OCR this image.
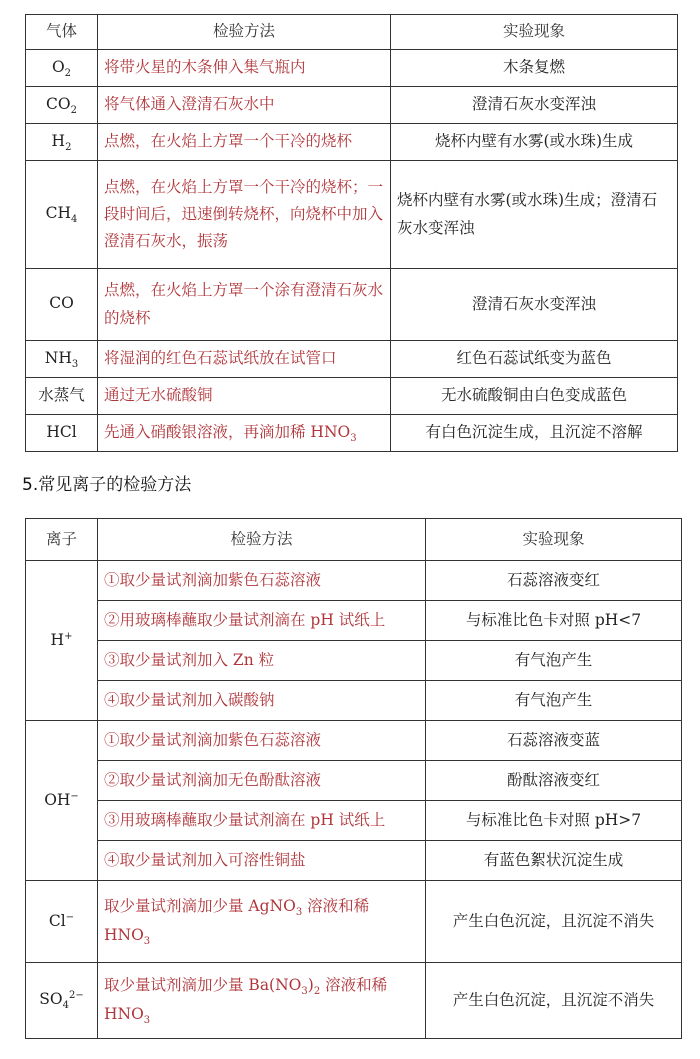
气体	检验方法	实验现象
$O_2$	将带火星的木条伸入集气瓶内	木条复燃
$CO_2$	将气体通入澄清石灰水中	澄清石灰水变浑浊
$H_2$	点燃，在火焰上方罩一个干冷的烧杯	烧杯内壁有水雾(或水珠)生成
$CH_4$	点燃，在火焰上方罩一个干冷的烧杯；一段时间后，迅速倒转烧杯，向烧杯中加入澄清石灰水，振荡	烧杯内壁有水雾(或水珠)生成；澄清石灰水变浑浊
CO	点燃，在火焰上方罩一个涂有澄清石灰水的烧杯	澄清石灰水变浑浊
$NH_3$	将湿润的红色石蕊试纸放在试管口	红色石蕊试纸变为蓝色
水蒸气	通过无水硫酸铜	无水硫酸铜由白色变成蓝色
HCl	先通入硝酸银溶液，再滴加稀 $HNO_3$	有白色沉淀生成，且沉淀不溶解
5.常见离子的检验方法
离子	检验方法	实验现象
H+	①取少量试剂滴加紫色石蕊溶液	石蕊溶液变红
	②用玻璃棒蘸取少量试剂滴在 pH 试纸上	与标准比色卡对照 pH<7
	③取少量试剂加入 Zn 粒	有气泡产生
	④取少量试剂加入碳酸钠	有气泡产生
OH−	①取少量试剂滴加紫色石蕊溶液	石蕊溶液变蓝
	②取少量试剂滴加无色酚酞溶液	酚酞溶液变红
	③用玻璃棒蘸取少量试剂滴在 pH 试纸上	与标准比色卡对照 pH>7
	④取少量试剂加入可溶性铜盐	有蓝色絮状沉淀生成
Cl−	取少量试剂滴加少量 AgNO$_3$ 溶液和稀 $HNO_3$	产生白色沉淀，且沉淀不消失
$SO_4^{2-}$	取少量试剂滴加少量 $Ba(NO_3)_2$ 溶液和稀 $HNO_3$	产生白色沉淀，且沉淀不消失
